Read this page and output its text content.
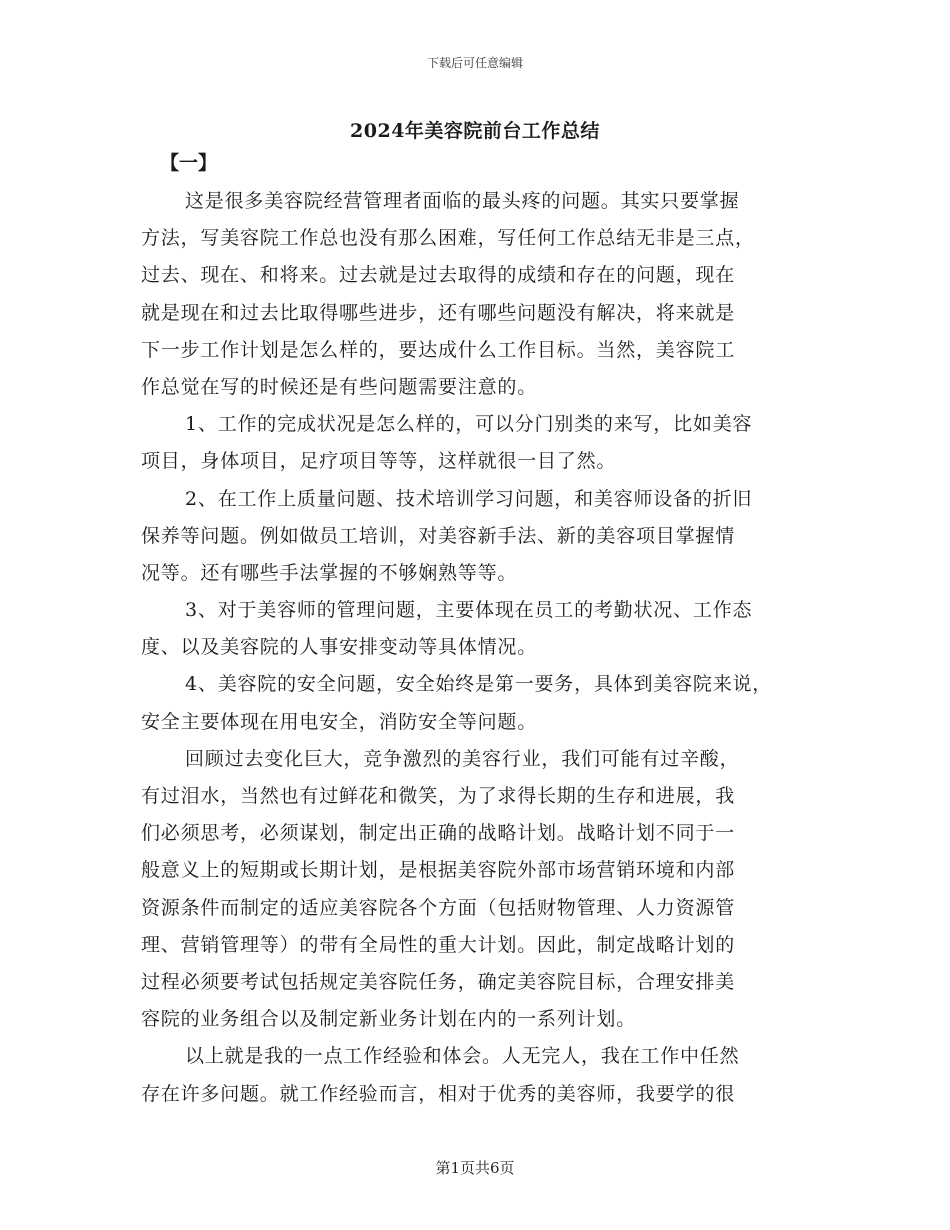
下载后可任意编辑
2024年美容院前台工作总结
【一】
这是很多美容院经营管理者面临的最头疼的问题。其实只要掌握
方法，写美容院工作总也没有那么困难，写任何工作总结无非是三点，
过去、现在、和将来。过去就是过去取得的成绩和存在的问题，现在
就是现在和过去比取得哪些进步，还有哪些问题没有解决，将来就是
下一步工作计划是怎么样的，要达成什么工作目标。当然，美容院工
作总觉在写的时候还是有些问题需要注意的。
1、工作的完成状况是怎么样的，可以分门别类的来写，比如美容
项目，身体项目，足疗项目等等，这样就很一目了然。
2、在工作上质量问题、技术培训学习问题，和美容师设备的折旧
保养等问题。例如做员工培训，对美容新手法、新的美容项目掌握情
况等。还有哪些手法掌握的不够娴熟等等。
3、对于美容师的管理问题，主要体现在员工的考勤状况、工作态
度、以及美容院的人事安排变动等具体情况。
4、美容院的安全问题，安全始终是第一要务，具体到美容院来说，
安全主要体现在用电安全，消防安全等问题。
回顾过去变化巨大，竞争激烈的美容行业，我们可能有过辛酸，
有过泪水，当然也有过鲜花和微笑，为了求得长期的生存和进展，我
们必须思考，必须谋划，制定出正确的战略计划。战略计划不同于一
般意义上的短期或长期计划，是根据美容院外部市场营销环境和内部
资源条件而制定的适应美容院各个方面（包括财物管理、人力资源管
理、营销管理等）的带有全局性的重大计划。因此，制定战略计划的
过程必须要考试包括规定美容院任务，确定美容院目标，合理安排美
容院的业务组合以及制定新业务计划在内的一系列计划。
以上就是我的一点工作经验和体会。人无完人，我在工作中任然
存在许多问题。就工作经验而言，相对于优秀的美容师，我要学的很
第1页共6页
